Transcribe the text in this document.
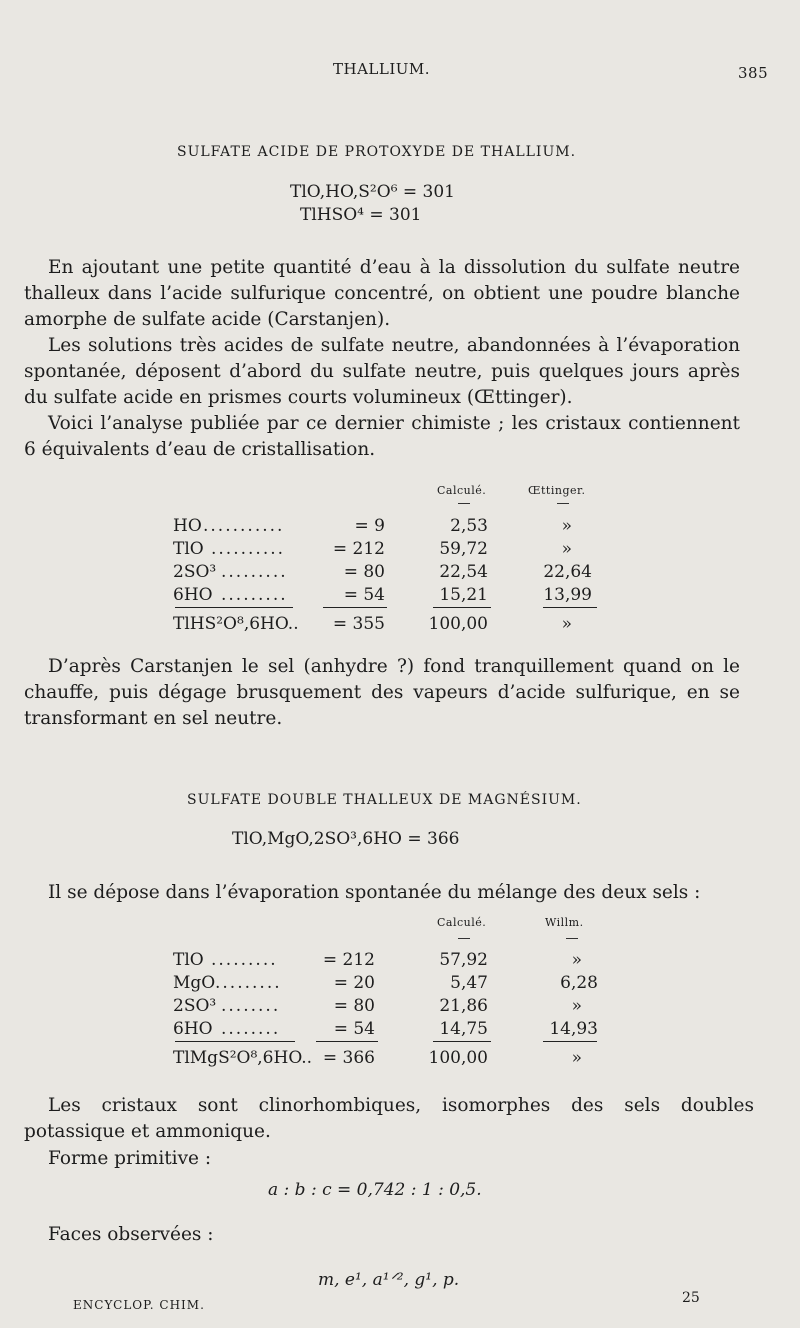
THALLIUM.	385
SULFATE ACIDE DE PROTOXYDE DE THALLIUM.
TlO,HO,S²O⁶ = 301
TlHSO⁴ = 301

En ajoutant une petite quantité d’eau à la dissolution du sulfate neutre thalleux dans l’acide sulfurique concentré, on obtient une poudre blanche amorphe de sulfate acide (Carstanjen).

Les solutions très acides de sulfate neutre, abandonnées à l’évaporation spontanée, déposent d’abord du sulfate neutre, puis quelques jours après du sulfate acide en prismes courts volumineux (Œttinger).

Voici l’analyse publiée par ce dernier chimiste ; les cristaux contiennent 6 équivalents d’eau de cristallisation.

Calculé.	Œttinger.
HO ...........	= 9	2,53	»
TlO ..........	= 212	59,72	»
2SO³ .........	= 80	22,54	22,64
6HO .........	= 54	15,21	13,99
TlHS²O⁸,6HO..	= 355	100,00	»

D’après Carstanjen le sel (anhydre ?) fond tranquillement quand on le chauffe, puis dégage brusquement des vapeurs d’acide sulfurique, en se transformant en sel neutre.

SULFATE DOUBLE THALLEUX DE MAGNÉSIUM.
TlO,MgO,2SO³,6HO = 366

Il se dépose dans l’évaporation spontanée du mélange des deux sels :

Calculé.	Willm.
TlO .........	= 212	57,92	»
MgO .........	= 20	5,47	6,28
2SO³ ........	= 80	21,86	»
6HO ........	= 54	14,75	14,93
TlMgS²O⁸,6HO.. = 366	100,00	»

Les cristaux sont clinorhombiques, isomorphes des sels doubles potassique et ammonique.

Forme primitive :
a : b : c = 0,742 : 1 : 0,5.
Faces observées :
m, e¹, a¹ᐟ², g¹, p.
ENCYCLOP. CHIM.	25
